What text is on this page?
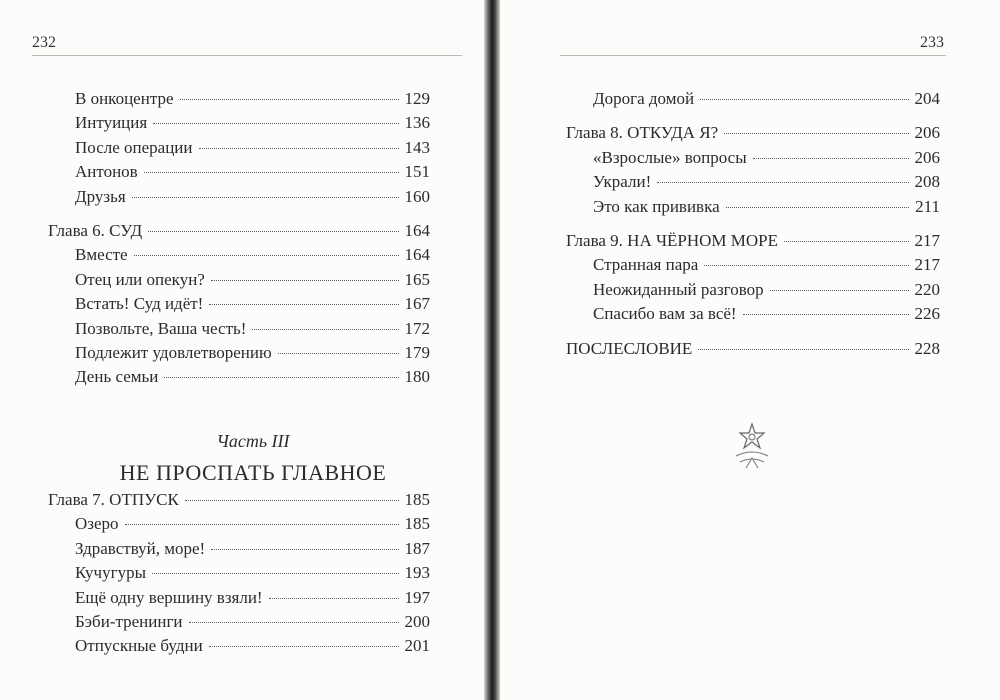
232
В онкоцентре	129
Интуиция	136
После операции	143
Антонов	151
Друзья	160
Глава 6. СУД	164
Вместе	164
Отец или опекун?	165
Встать! Суд идёт!	167
Позвольте, Ваша честь!	172
Подлежит удовлетворению	179
День семьи	180
Часть III
НЕ ПРОСПАТЬ ГЛАВНОЕ
Глава 7. ОТПУСК	185
Озеро	185
Здравствуй, море!	187
Кучугуры	193
Ещё одну вершину взяли!	197
Бэби-тренинги	200
Отпускные будни	201
233
Дорога домой	204
Глава 8. ОТКУДА Я?	206
«Взрослые» вопросы	206
Украли!	208
Это как прививка	211
Глава 9. НА ЧЁРНОМ МОРЕ	217
Странная пара	217
Неожиданный разговор	220
Спасибо вам за всё!	226
ПОСЛЕСЛОВИЕ	228
